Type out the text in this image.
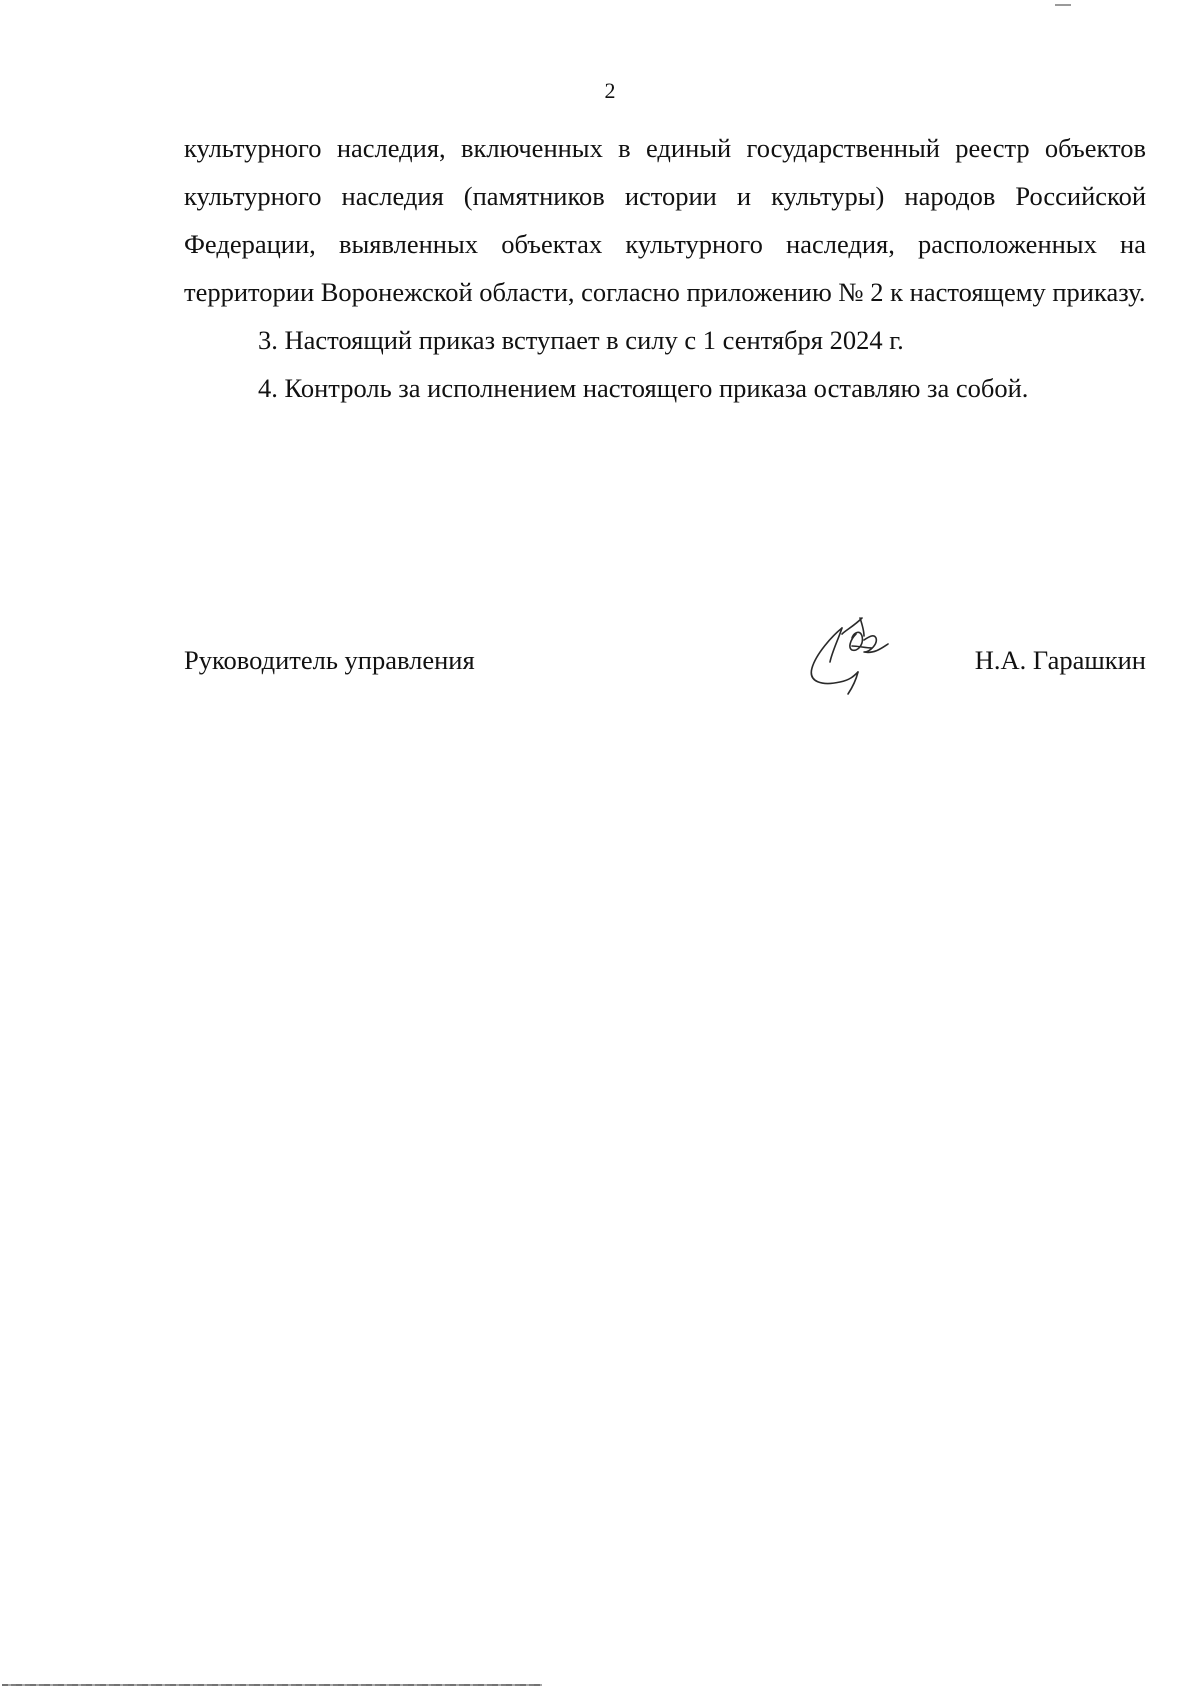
2

культурного наследия, включенных в единый государственный реестр объектов культурного наследия (памятников истории и культуры) народов Российской Федерации, выявленных объектах культурного наследия, расположенных на территории Воронежской области, согласно приложению № 2 к настоящему приказу.

3. Настоящий приказ вступает в силу с 1 сентября 2024 г.

4. Контроль за исполнением настоящего приказа оставляю за собой.

Руководитель управления	Н.А. Гарашкин
